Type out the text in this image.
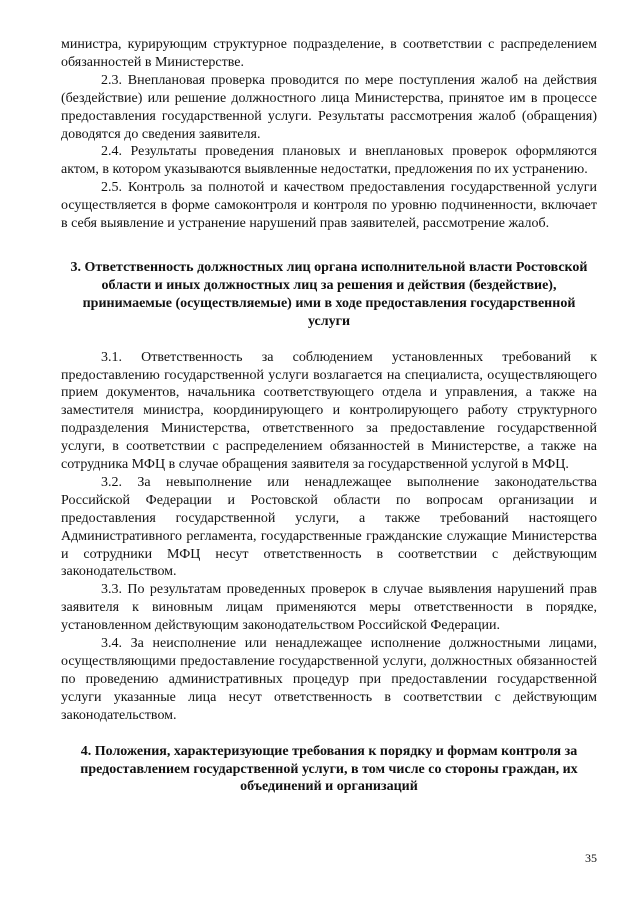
министра, курирующим структурное подразделение, в соответствии с распределением обязанностей в Министерстве.

2.3. Внеплановая проверка проводится по мере поступления жалоб на действия (бездействие) или решение должностного лица Министерства, принятое им в процессе предоставления государственной услуги. Результаты рассмотрения жалоб (обращения) доводятся до сведения заявителя.

2.4. Результаты проведения плановых и внеплановых проверок оформляются актом, в котором указываются выявленные недостатки, предложения по их устранению.

2.5. Контроль за полнотой и качеством предоставления государственной услуги осуществляется в форме самоконтроля и контроля по уровню подчиненности, включает в себя выявление и устранение нарушений прав заявителей, рассмотрение жалоб.

3. Ответственность должностных лиц органа исполнительной власти Ростовской области и иных должностных лиц за решения и действия (бездействие), принимаемые (осуществляемые) ими в ходе предоставления государственной услуги

3.1. Ответственность за соблюдением установленных требований к предоставлению государственной услуги возлагается на специалиста, осуществляющего прием документов, начальника соответствующего отдела и управления, а также на заместителя министра, координирующего и контролирующего работу структурного подразделения Министерства, ответственного за предоставление государственной услуги, в соответствии с распределением обязанностей в Министерстве, а также на сотрудника МФЦ в случае обращения заявителя за государственной услугой в МФЦ.

3.2. За невыполнение или ненадлежащее выполнение законодательства Российской Федерации и Ростовской области по вопросам организации и предоставления государственной услуги, а также требований настоящего Административного регламента, государственные гражданские служащие Министерства и сотрудники МФЦ несут ответственность в соответствии с действующим законодательством.

3.3. По результатам проведенных проверок в случае выявления нарушений прав заявителя к виновным лицам применяются меры ответственности в порядке, установленном действующим законодательством Российской Федерации.

3.4. За неисполнение или ненадлежащее исполнение должностными лицами, осуществляющими предоставление государственной услуги, должностных обязанностей по проведению административных процедур при предоставлении государственной услуги указанные лица несут ответственность в соответствии с действующим законодательством.

4. Положения, характеризующие требования к порядку и формам контроля за предоставлением государственной услуги, в том числе со стороны граждан, их объединений и организаций
35
